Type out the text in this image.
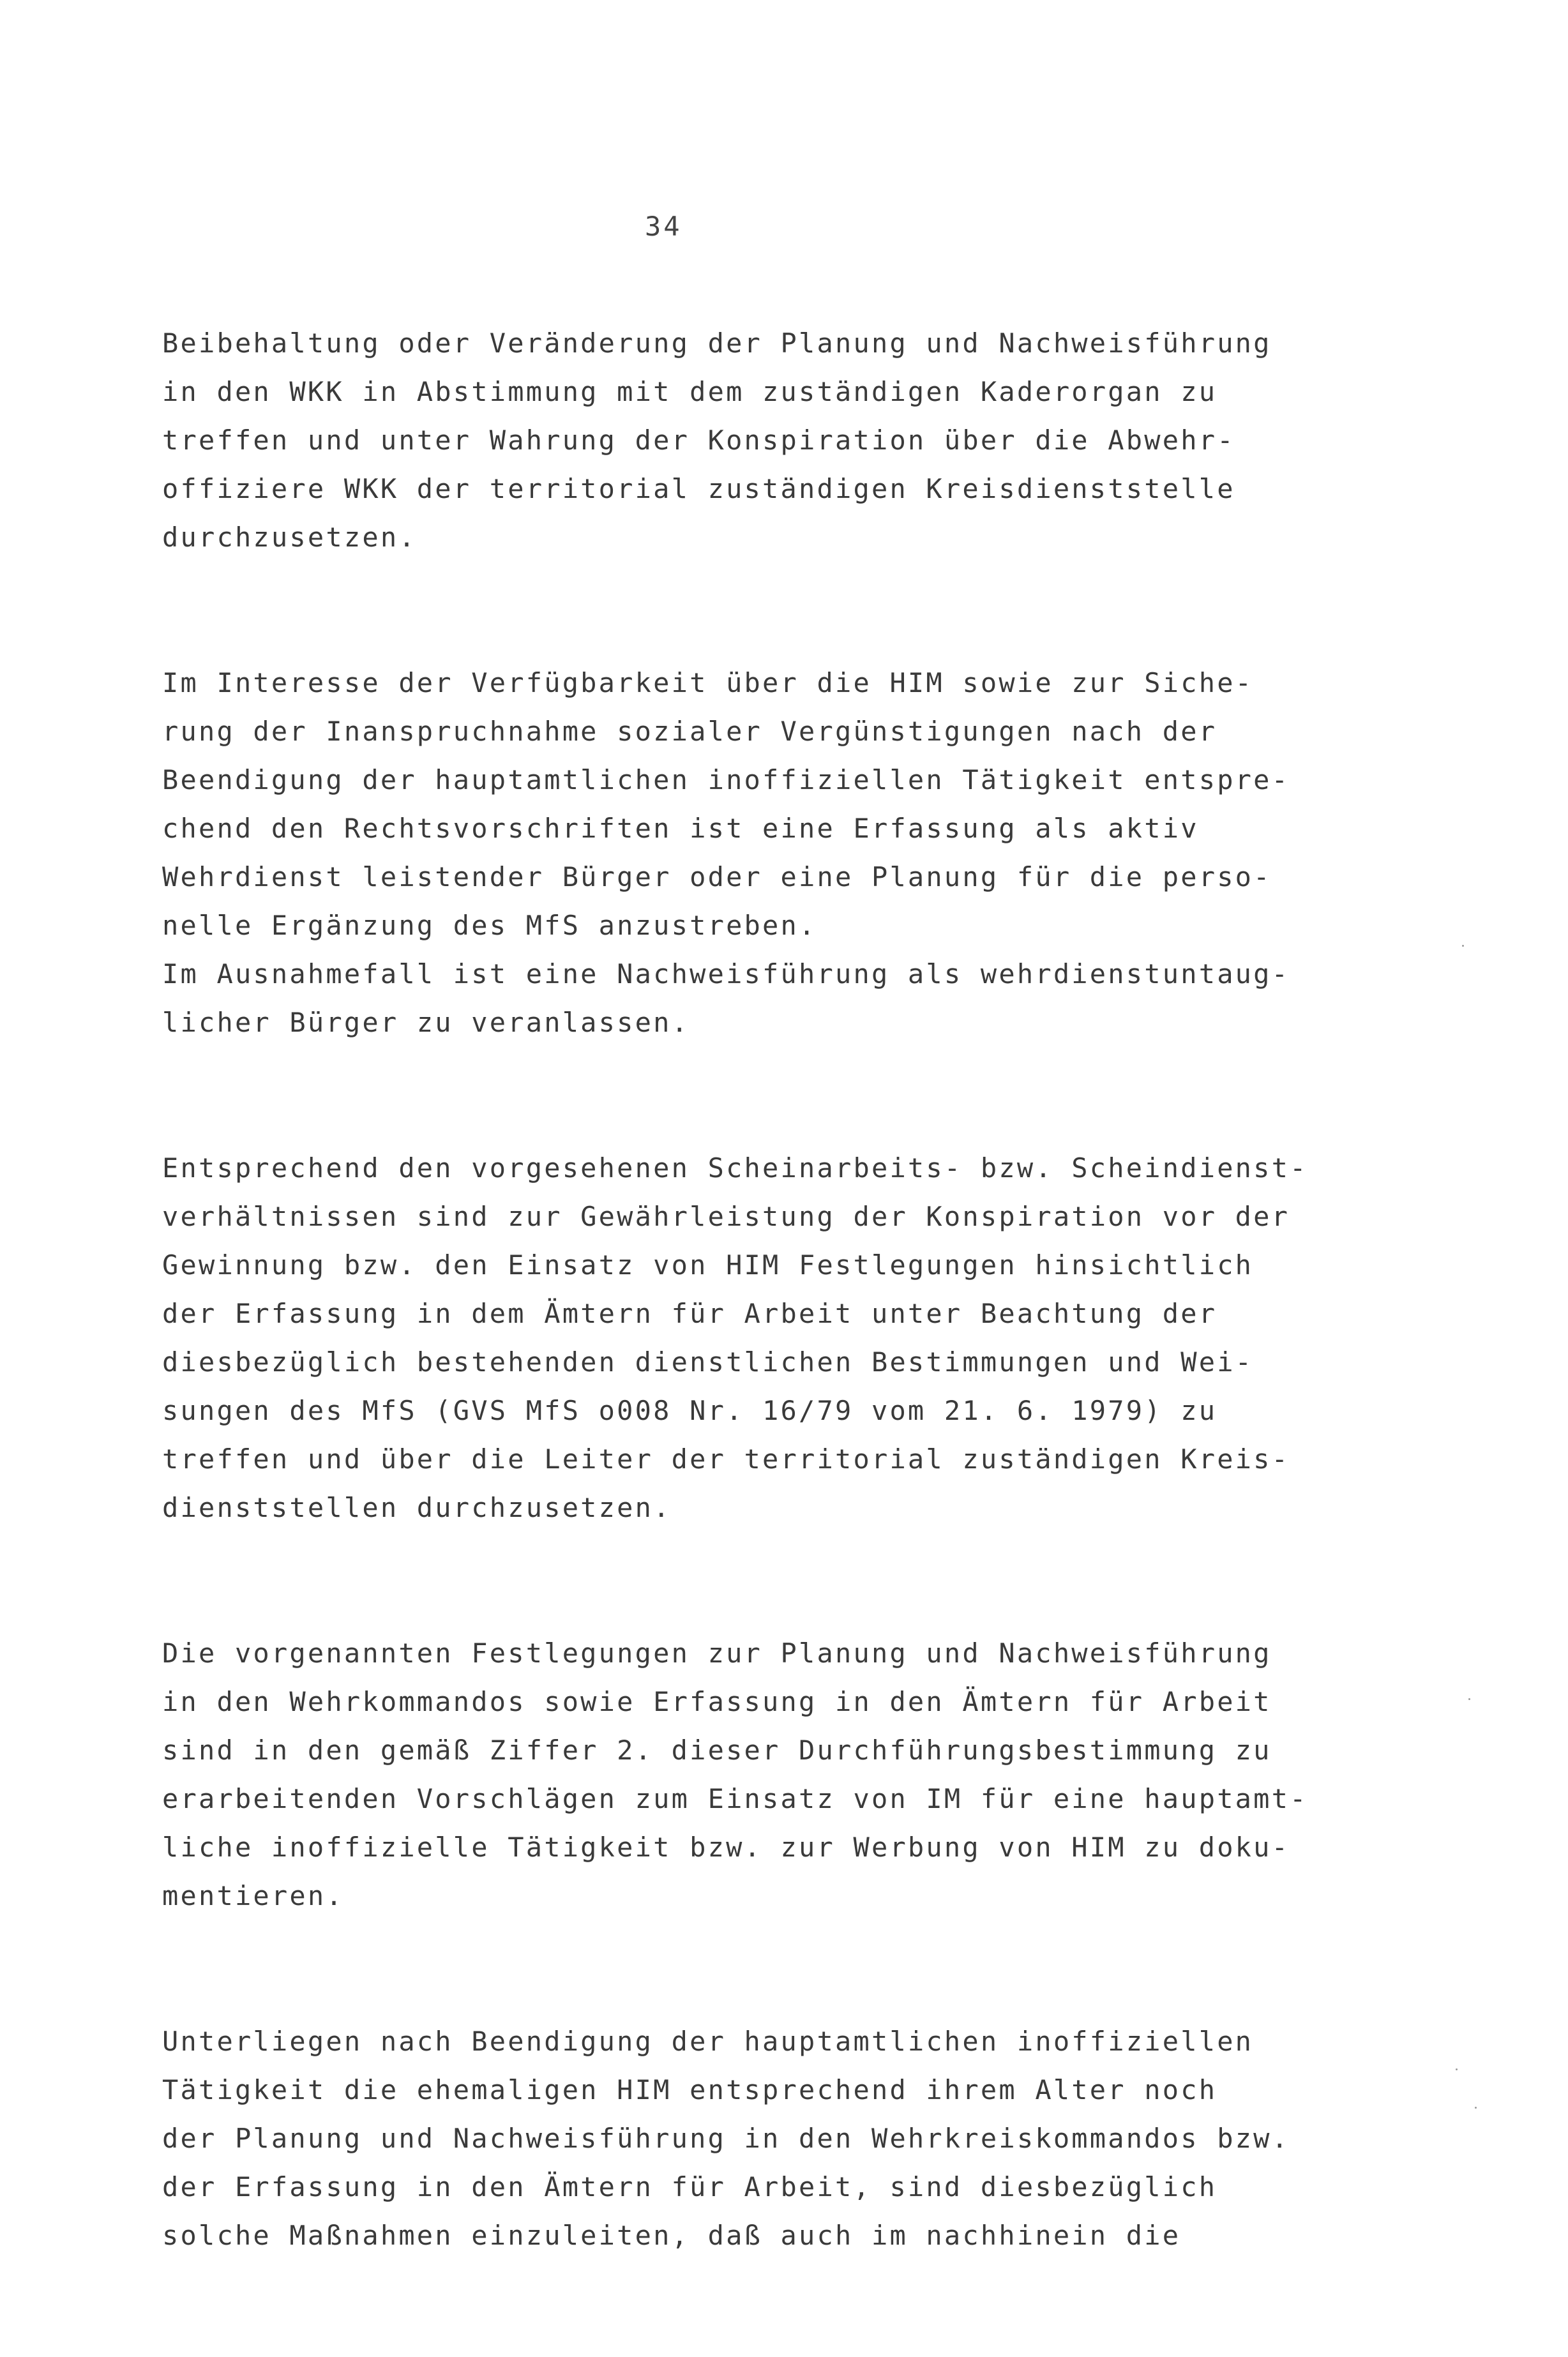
34
Beibehaltung oder Veränderung der Planung und Nachweisführung
in den WKK in Abstimmung mit dem zuständigen Kaderorgan zu
treffen und unter Wahrung der Konspiration über die Abwehr-
offiziere WKK der territorial zuständigen Kreisdienststelle
durchzusetzen.
Im Interesse der Verfügbarkeit über die HIM sowie zur Siche-
rung der Inanspruchnahme sozialer Vergünstigungen nach der
Beendigung der hauptamtlichen inoffiziellen Tätigkeit entspre-
chend den Rechtsvorschriften ist eine Erfassung als aktiv
Wehrdienst leistender Bürger oder eine Planung für die perso-
nelle Ergänzung des MfS anzustreben.
Im Ausnahmefall ist eine Nachweisführung als wehrdienstuntaug-
licher Bürger zu veranlassen.
Entsprechend den vorgesehenen Scheinarbeits- bzw. Scheindienst-
verhältnissen sind zur Gewährleistung der Konspiration vor der
Gewinnung bzw. den Einsatz von HIM Festlegungen hinsichtlich
der Erfassung in dem Ämtern für Arbeit unter Beachtung der
diesbezüglich bestehenden dienstlichen Bestimmungen und Wei-
sungen des MfS (GVS MfS o008 Nr. 16/79 vom 21. 6. 1979) zu
treffen und über die Leiter der territorial zuständigen Kreis-
dienststellen durchzusetzen.
Die vorgenannten Festlegungen zur Planung und Nachweisführung
in den Wehrkommandos sowie Erfassung in den Ämtern für Arbeit
sind in den gemäß Ziffer 2. dieser Durchführungsbestimmung zu
erarbeitenden Vorschlägen zum Einsatz von IM für eine hauptamt-
liche inoffizielle Tätigkeit bzw. zur Werbung von HIM zu doku-
mentieren.
Unterliegen nach Beendigung der hauptamtlichen inoffiziellen
Tätigkeit die ehemaligen HIM entsprechend ihrem Alter noch
der Planung und Nachweisführung in den Wehrkreiskommandos bzw.
der Erfassung in den Ämtern für Arbeit, sind diesbezüglich
solche Maßnahmen einzuleiten, daß auch im nachhinein die
